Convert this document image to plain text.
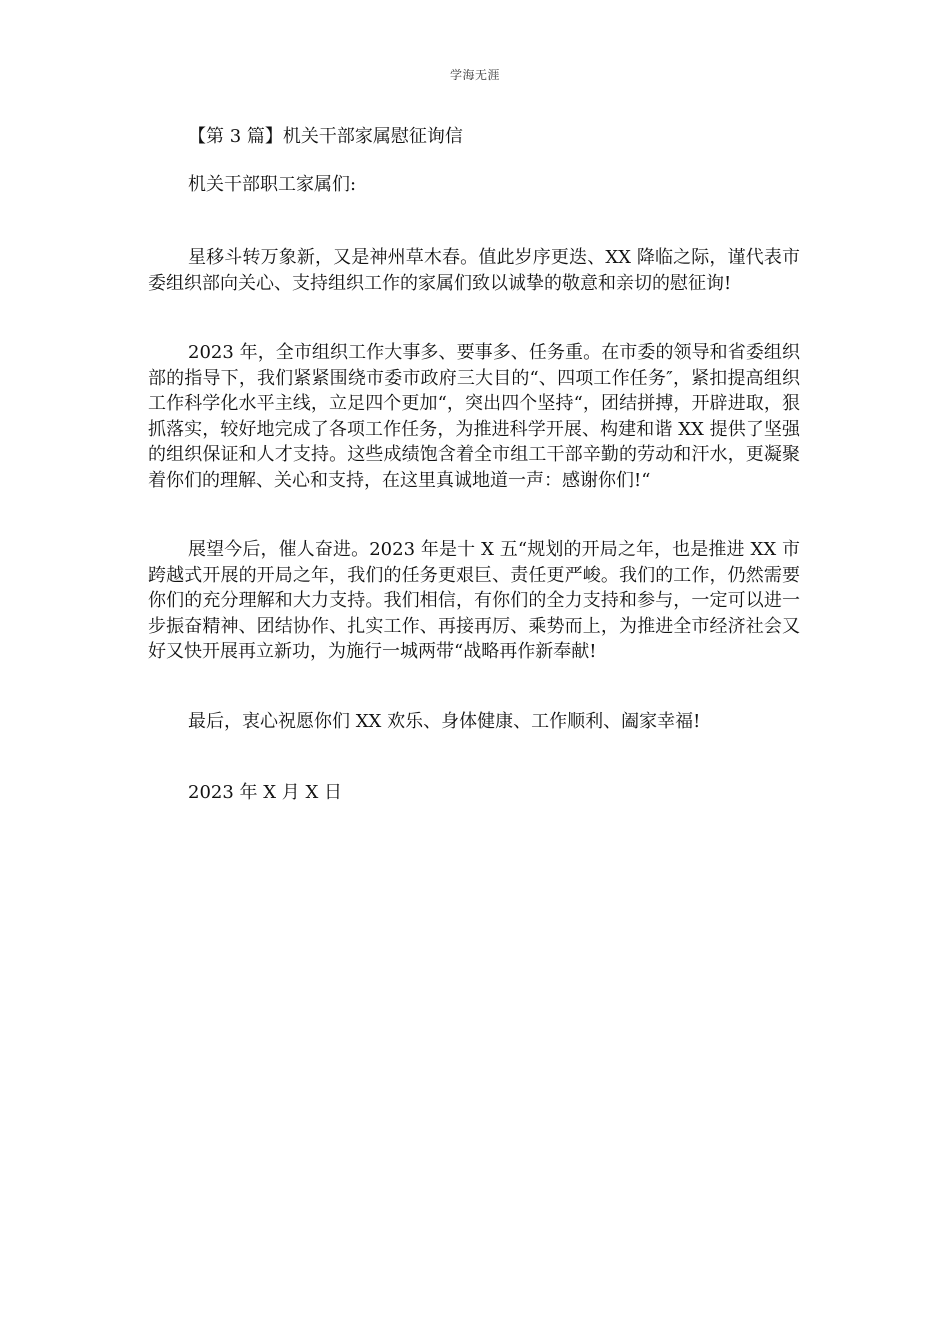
学海无涯
【第 3 篇】机关干部家属慰征询信
机关干部职工家属们:

星移斗转万象新，又是神州草木春。值此岁序更迭、XX 降临之际，谨代表市委组织部向关心、支持组织工作的家属们致以诚挚的敬意和亲切的慰征询!

2023 年，全市组织工作大事多、要事多、任务重。在市委的领导和省委组织部的指导下，我们紧紧围绕市委市政府三大目的“、四项工作任务″，紧扣提高组织工作科学化水平主线，立足四个更加“，突出四个坚持“，团结拼搏，开辟进取，狠抓落实，较好地完成了各项工作任务，为推进科学开展、构建和谐 XX 提供了坚强的组织保证和人才支持。这些成绩饱含着全市组工干部辛勤的劳动和汗水，更凝聚着你们的理解、关心和支持，在这里真诚地道一声：感谢你们!“

展望今后，催人奋进。2023 年是十 X 五“规划的开局之年，也是推进 XX 市跨越式开展的开局之年，我们的任务更艰巨、责任更严峻。我们的工作，仍然需要你们的充分理解和大力支持。我们相信，有你们的全力支持和参与，一定可以进一步振奋精神、团结协作、扎实工作、再接再厉、乘势而上，为推进全市经济社会又好又快开展再立新功，为施行一城两带“战略再作新奉献!

最后，衷心祝愿你们 XX 欢乐、身体健康、工作顺利、阖家幸福!
2023 年 X 月 X 日
